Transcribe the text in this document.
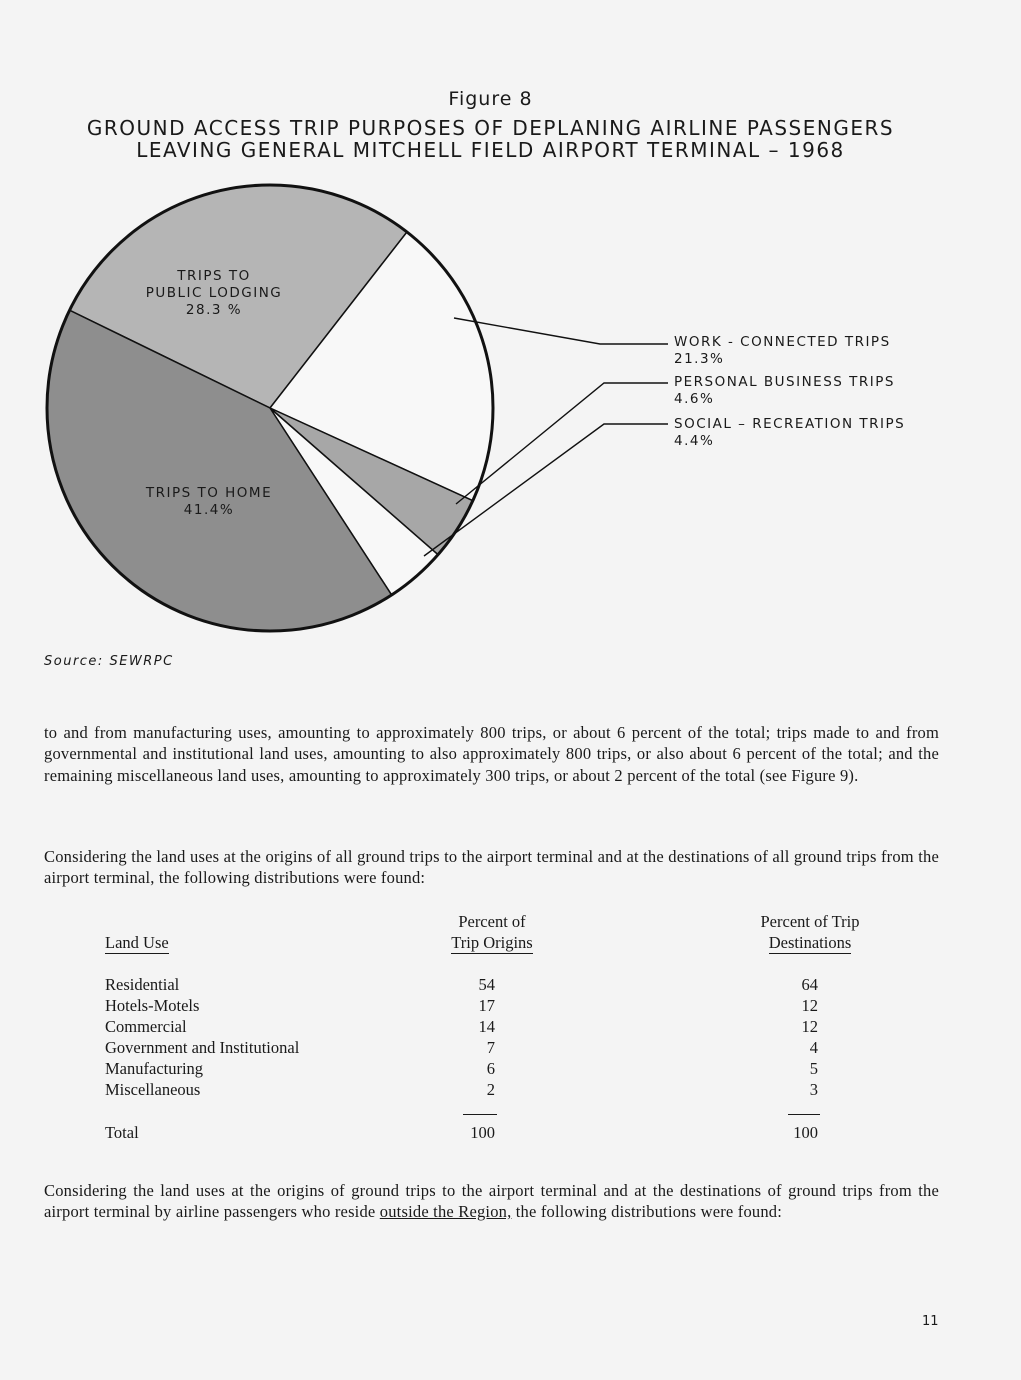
Figure 8
GROUND ACCESS TRIP PURPOSES OF DEPLANING AIRLINE PASSENGERS
LEAVING GENERAL MITCHELL FIELD AIRPORT TERMINAL – 1968
TRIPS TO
PUBLIC LODGING
28.3 %
TRIPS TO HOME
41.4%
WORK - CONNECTED TRIPS
21.3%
PERSONAL BUSINESS TRIPS
4.6%
SOCIAL – RECREATION TRIPS
4.4%
Source: SEWRPC
to and from manufacturing uses, amounting to approximately 800 trips, or about 6 percent of the total; trips made to and from governmental and institutional land uses, amounting to also approximately 800 trips, or also about 6 percent of the total; and the remaining miscellaneous land uses, amounting to approximately 300 trips, or about 2 percent of the total (see Figure 9).
Considering the land uses at the origins of all ground trips to the airport terminal and at the destinations of all ground trips from the airport terminal, the following distributions were found:
Land Use
Percent of
Trip Origins
Percent of Trip
Destinations
Residential	54	64
Hotels-Motels	17	12
Commercial	14	12
Government and Institutional	7	4
Manufacturing	6	5
Miscellaneous	2	3
Total	100	100
Considering the land uses at the origins of ground trips to the airport terminal and at the destinations of ground trips from the airport terminal by airline passengers who reside outside the Region, the following distributions were found:
11
